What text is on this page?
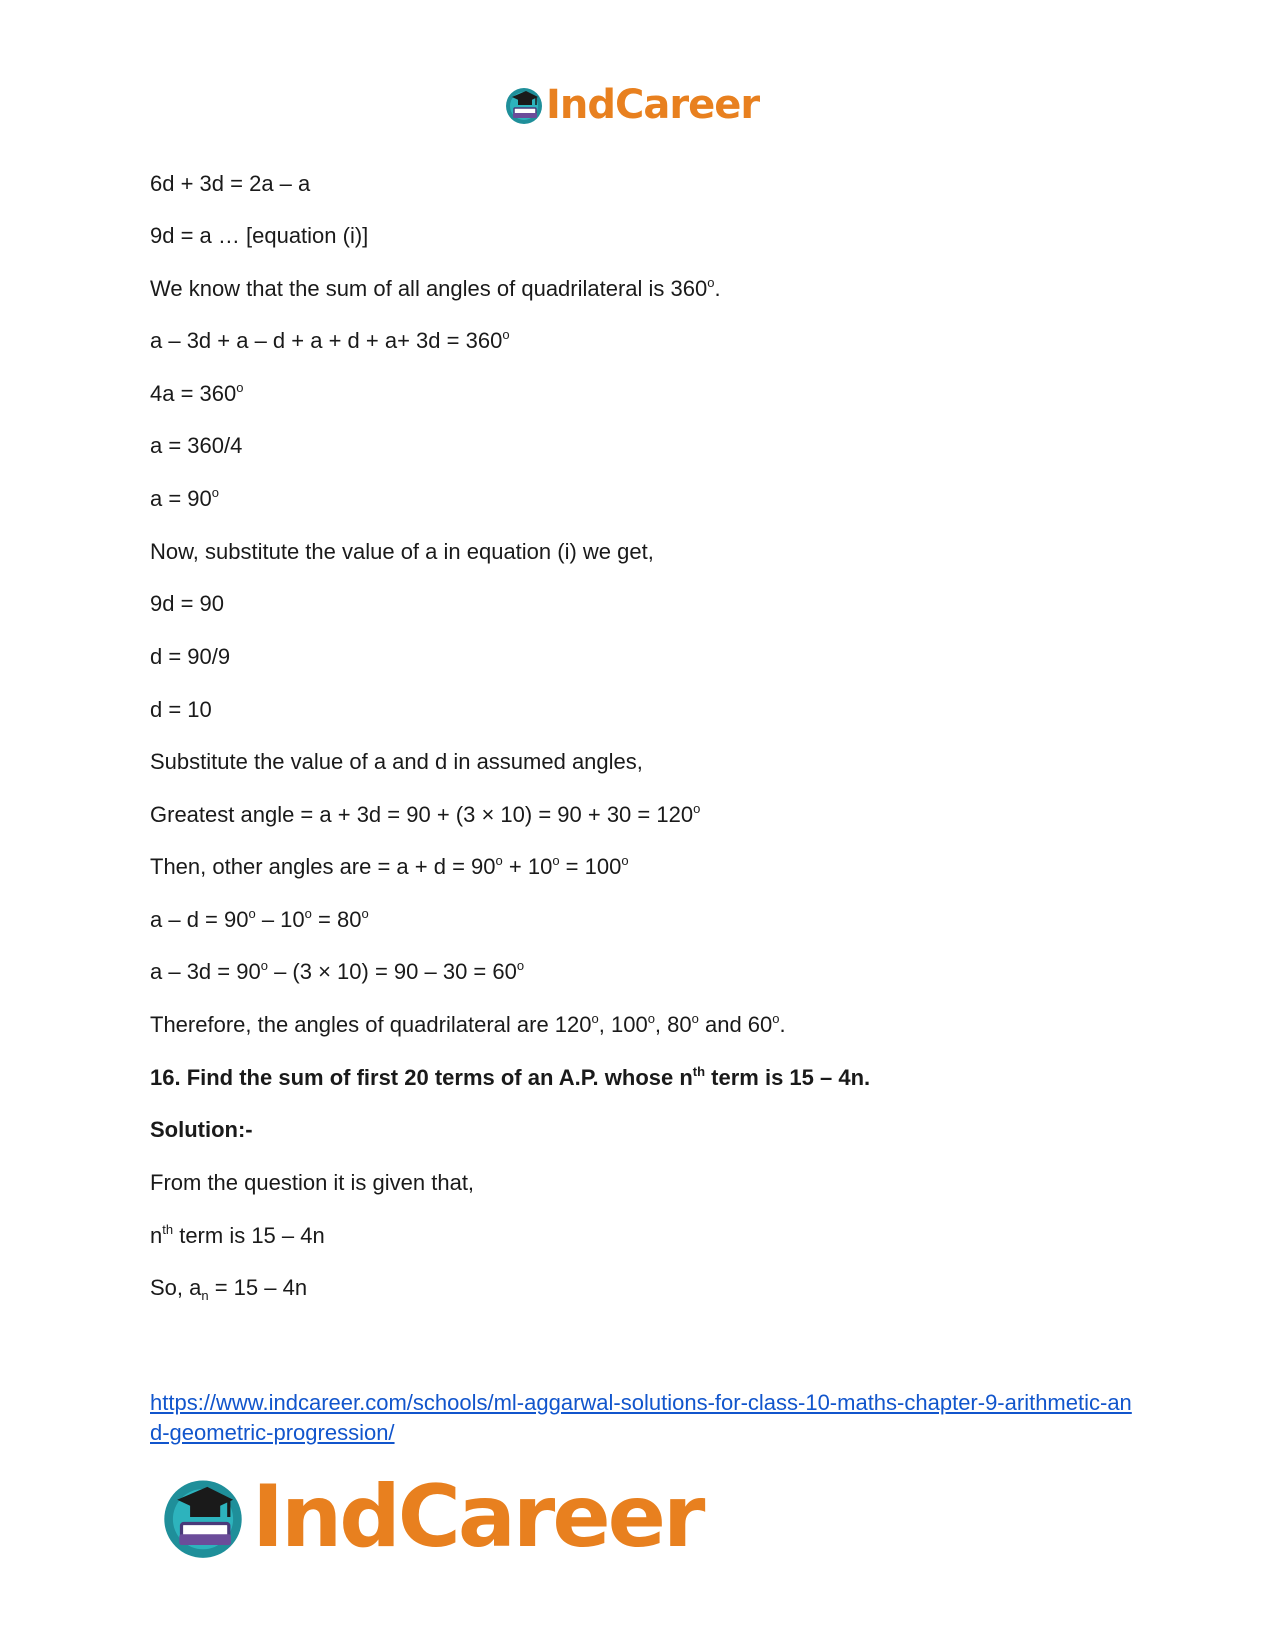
IndCareer
6d + 3d = 2a – a
9d = a … [equation (i)]
We know that the sum of all angles of quadrilateral is 360$^o$.
$a - 3d + a - d + a + d + a+ 3d = 360^o$
$4a = 360^o$
a = 360/4
$a = 90^o$
Now, substitute the value of a in equation (i) we get,
9d = 90
d = 90/9
d = 10
Substitute the value of a and d in assumed angles,
Greatest angle = $a + 3d = 90 + (3 \times 10) = 90 + 30 = 120^o$
Then, other angles are = $a + d = 90^o + 10^o = 100^o$
$a - d = 90^o - 10^o = 80^o$
$a - 3d = 90^o - (3 \times 10) = 90 - 30 = 60^o$
Therefore, the angles of quadrilateral are 120$^o$, 100$^o$, 80$^o$ and 60$^o$.
16. Find the sum of first 20 terms of an A.P. whose $n^{th}$ term is 15 – 4n.
Solution:-
From the question it is given that,
$n^{th}$ term is 15 – 4n
So, $a_n = 15 - 4n$
https://www.indcareer.com/schools/ml-aggarwal-solutions-for-class-10-maths-chapter-9-arithmetic-and-geometric-progression/
IndCareer
